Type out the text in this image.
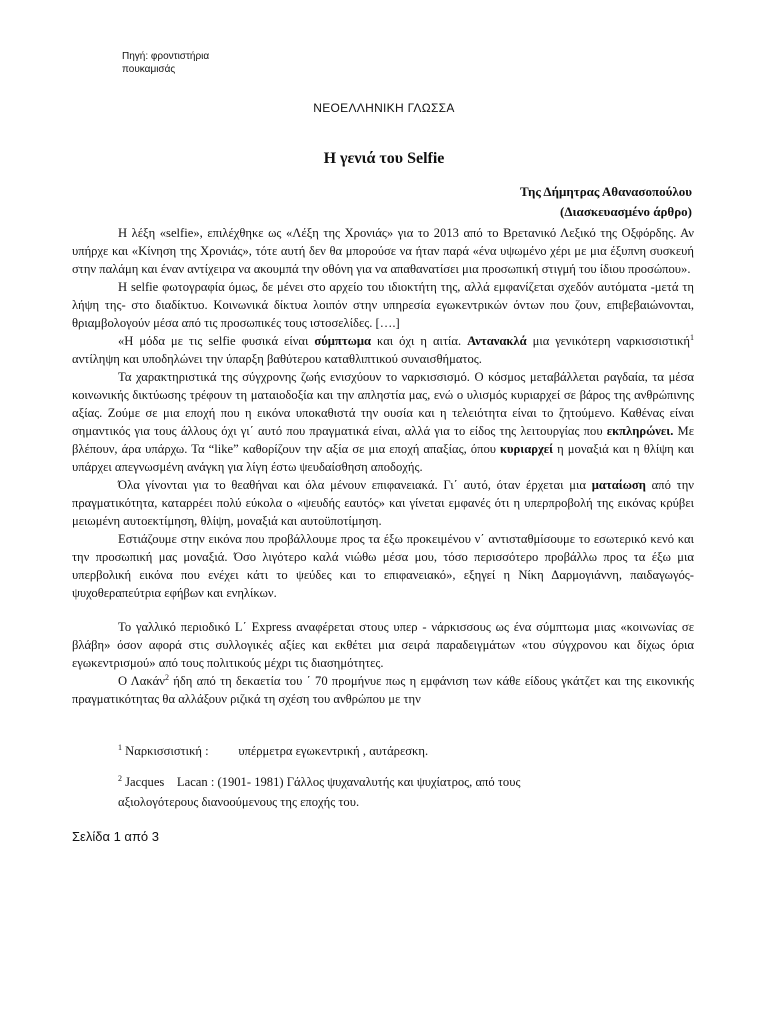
Πηγή: φροντιστήρια
πουκαμισάς
ΝΕΟΕΛΛΗΝΙΚΗ ΓΛΩΣΣΑ
Η γενιά του Selfie
Της Δήμητρας Αθανασοπούλου
(Διασκευασμένο άρθρο)

Η λέξη «selfie», επιλέχθηκε ως «Λέξη της Χρονιάς» για το 2013 από το Βρετανικό Λεξικό της Οξφόρδης. Αν υπήρχε και «Κίνηση της Χρονιάς», τότε αυτή δεν θα μπορούσε να ήταν παρά «ένα υψωμένο χέρι με μια έξυπνη συσκευή στην παλάμη και έναν αντίχειρα να ακουμπά την οθόνη για να απαθανατίσει μια προσωπική στιγμή του ίδιου προσώπου».

Η selfie φωτογραφία όμως, δε μένει στο αρχείο του ιδιοκτήτη της, αλλά εμφανίζεται σχεδόν αυτόματα -μετά τη λήψη της- στο διαδίκτυο. Κοινωνικά δίκτυα λοιπόν στην υπηρεσία εγωκεντρικών όντων που ζουν, επιβεβαιώνονται, θριαμβολογούν μέσα από τις προσωπικές τους ιστοσελίδες. [….]

«Η μόδα με τις selfie φυσικά είναι σύμπτωμα και όχι η αιτία. Αντανακλά μια γενικότερη ναρκισσιστική$^1$ αντίληψη και υποδηλώνει την ύπαρξη βαθύτερου καταθλιπτικού συναισθήματος.

Τα χαρακτηριστικά της σύγχρονης ζωής ενισχύουν το ναρκισσισμό. Ο κόσμος μεταβάλλεται ραγδαία, τα μέσα κοινωνικής δικτύωσης τρέφουν τη ματαιοδοξία και την απληστία μας, ενώ ο υλισμός κυριαρχεί σε βάρος της ανθρώπινης αξίας. Ζούμε σε μια εποχή που η εικόνα υποκαθιστά την ουσία και η τελειότητα είναι το ζητούμενο. Καθένας είναι σημαντικός για τους άλλους όχι γι΄ αυτό που πραγματικά είναι, αλλά για το είδος της λειτουργίας που εκπληρώνει. Με βλέπουν, άρα υπάρχω. Τα “like” καθορίζουν την αξία σε μια εποχή απαξίας, όπου κυριαρχεί η μοναξιά και η θλίψη και υπάρχει απεγνωσμένη ανάγκη για λίγη έστω ψευδαίσθηση αποδοχής.

Όλα γίνονται για το θεαθήναι και όλα μένουν επιφανειακά. Γι΄ αυτό, όταν έρχεται μια ματαίωση από την πραγματικότητα, καταρρέει πολύ εύκολα ο «ψευδής εαυτός» και γίνεται εμφανές ότι η υπερπροβολή της εικόνας κρύβει μειωμένη αυτοεκτίμηση, θλίψη, μοναξιά και αυτοϋποτίμηση.

Εστιάζουμε στην εικόνα που προβάλλουμε προς τα έξω προκειμένου ν΄ αντισταθμίσουμε το εσωτερικό κενό και την προσωπική μας μοναξιά. Όσο λιγότερο καλά νιώθω μέσα μου, τόσο περισσότερο προβάλλω προς τα έξω μια υπερβολική εικόνα που ενέχει κάτι το ψεύδες και το επιφανειακό», εξηγεί η Νίκη Δαρμογιάννη, παιδαγωγός-ψυχοθεραπεύτρια εφήβων και ενηλίκων.

Το γαλλικό περιοδικό L΄ Express αναφέρεται στους υπερ - νάρκισσους ως ένα σύμπτωμα μιας «κοινωνίας σε βλάβη» όσον αφορά στις συλλογικές αξίες και εκθέτει μια σειρά παραδειγμάτων «του σύγχρονου και δίχως όρια εγωκεντρισμού» από τους πολιτικούς μέχρι τις διασημότητες.

Ο Λακάν$^2$ ήδη από τη δεκαετία του ΄ 70 προμήνυε πως η εμφάνιση των κάθε είδους γκάτζετ και της εικονικής πραγματικότητας θα αλλάξουν ριζικά τη σχέση του ανθρώπου με την

$^1$ Ναρκισσιστική : υπέρμετρα εγωκεντρική , αυτάρεσκη.
$^2$ Jacques    Lacan : (1901- 1981) Γάλλος ψυχαναλυτής και ψυχίατρος, από τους
αξιολογότερους διανοούμενους της εποχής του.
Σελίδα 1 από 3
